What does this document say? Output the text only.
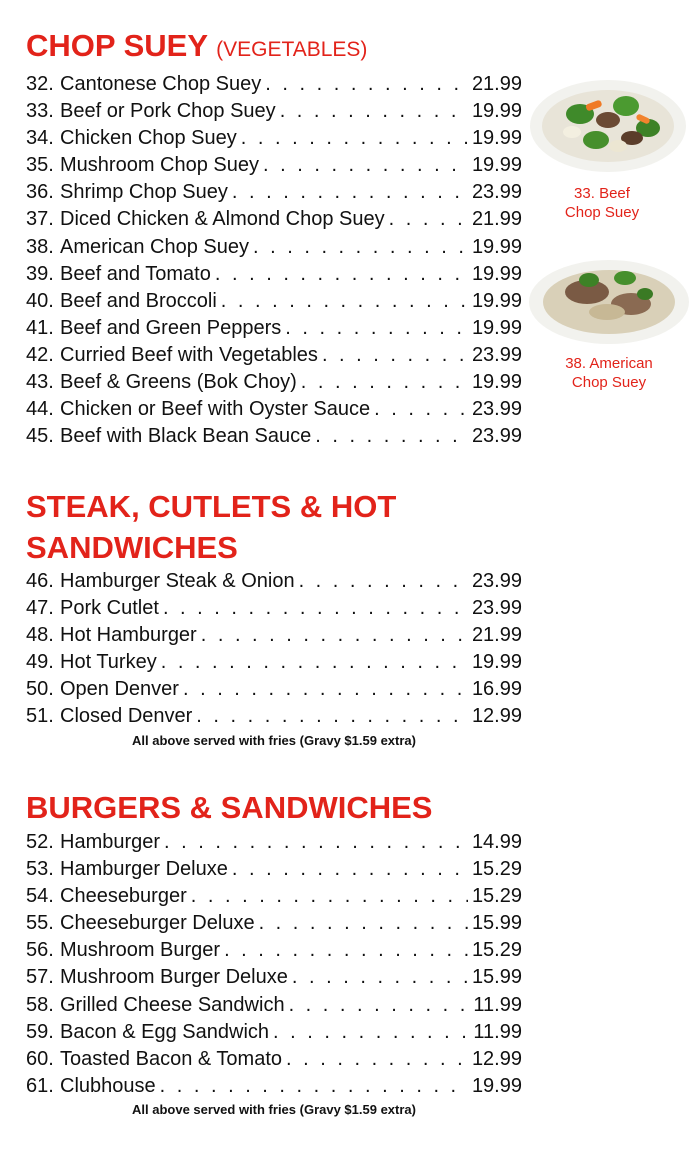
CHOP SUEY (VEGETABLES)
32. Cantonese Chop Suey . . .	21.99
33. Beef or Pork Chop Suey . . .	19.99
34. Chicken Chop Suey . . .	19.99
35. Mushroom Chop Suey . . .	19.99
36. Shrimp Chop Suey . . .	23.99
37. Diced Chicken & Almond Chop Suey . . .	21.99
38. American Chop Suey . . .	19.99
39. Beef and Tomato . . .	19.99
40. Beef and Broccoli . . .	19.99
41. Beef and Green Peppers . . .	19.99
42. Curried Beef with Vegetables . . .	23.99
43. Beef & Greens (Bok Choy) . . .	19.99
44. Chicken or Beef with Oyster Sauce . . .	23.99
45. Beef with Black Bean Sauce . . .	23.99
33. Beef
Chop Suey
38. American
Chop Suey
STEAK, CUTLETS & HOT
SANDWICHES
46. Hamburger Steak & Onion . . .	23.99
47. Pork Cutlet . . .	23.99
48. Hot Hamburger . . .	21.99
49. Hot Turkey . . .	19.99
50. Open Denver . . .	16.99
51. Closed Denver . . .	12.99
All above served with fries (Gravy $1.59 extra)
BURGERS & SANDWICHES
52. Hamburger . . .	14.99
53. Hamburger Deluxe . . .	15.29
54. Cheeseburger . . .	15.29
55. Cheeseburger Deluxe . . .	15.99
56. Mushroom Burger . . .	15.29
57. Mushroom Burger Deluxe . . .	15.99
58. Grilled Cheese Sandwich . . .	11.99
59. Bacon & Egg Sandwich . . .	11.99
60. Toasted Bacon & Tomato . . .	12.99
61. Clubhouse . . .	19.99
All above served with fries (Gravy $1.59 extra)
